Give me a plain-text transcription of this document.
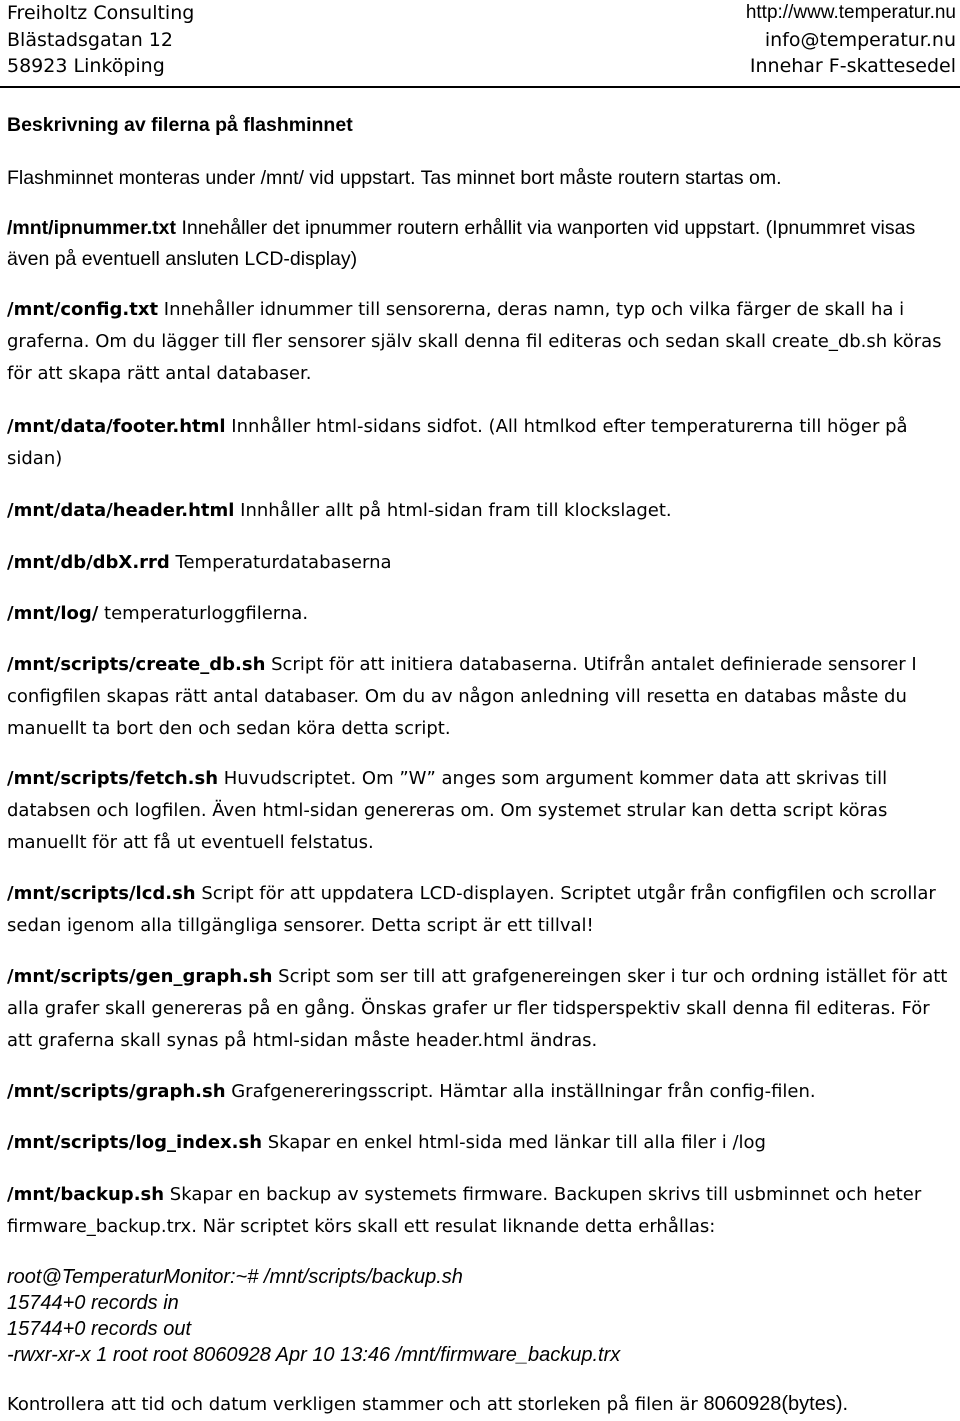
Freiholtz Consulting
Blästadsgatan 12
58923 Linköping
http://www.temperatur.nu
info@temperatur.nu
Innehar F-skattesedel

Beskrivning av filerna på flashminnet

Flashminnet monteras under /mnt/ vid uppstart. Tas minnet bort måste routern startas om.

/mnt/ipnummer.txt Innehåller det ipnummer routern erhållit via wanporten vid uppstart. (Ipnummret visas även på eventuell ansluten LCD-display)

/mnt/config.txt Innehåller idnummer till sensorerna, deras namn, typ och vilka färger de skall ha i graferna. Om du lägger till fler sensorer själv skall denna fil editeras och sedan skall create_db.sh köras för att skapa rätt antal databaser.

/mnt/data/footer.html Innhåller html-sidans sidfot. (All htmlkod efter temperaturerna till höger på sidan)

/mnt/data/header.html Innhåller allt på html-sidan fram till klockslaget.

/mnt/db/dbX.rrd Temperaturdatabaserna

/mnt/log/ temperaturloggfilerna.

/mnt/scripts/create_db.sh Script för att initiera databaserna. Utifrån antalet definierade sensorer I configfilen skapas rätt antal databaser. Om du av någon anledning vill resetta en databas måste du manuellt ta bort den och sedan köra detta script.

/mnt/scripts/fetch.sh Huvudscriptet. Om ”W” anges som argument kommer data att skrivas till databsen och logfilen. Även html-sidan genereras om. Om systemet strular kan detta script köras manuellt för att få ut eventuell felstatus.

/mnt/scripts/lcd.sh Script för att uppdatera LCD-displayen. Scriptet utgår från configfilen och scrollar sedan igenom alla tillgängliga sensorer. Detta script är ett tillval!

/mnt/scripts/gen_graph.sh Script som ser till att grafgenereingen sker i tur och ordning istället för att alla grafer skall genereras på en gång. Önskas grafer ur fler tidsperspektiv skall denna fil editeras. För att graferna skall synas på html-sidan måste header.html ändras.

/mnt/scripts/graph.sh Grafgenereringsscript. Hämtar alla inställningar från config-filen.

/mnt/scripts/log_index.sh Skapar en enkel html-sida med länkar till alla filer i /log

/mnt/backup.sh Skapar en backup av systemets firmware. Backupen skrivs till usbminnet och heter firmware_backup.trx. När scriptet körs skall ett resulat liknande detta erhållas:

root@TemperaturMonitor:~# /mnt/scripts/backup.sh
15744+0 records in
15744+0 records out
-rwxr-xr-x 1 root root 8060928 Apr 10 13:46 /mnt/firmware_backup.trx

Kontrollera att tid och datum verkligen stammer och att storleken på filen är 8060928(bytes).
